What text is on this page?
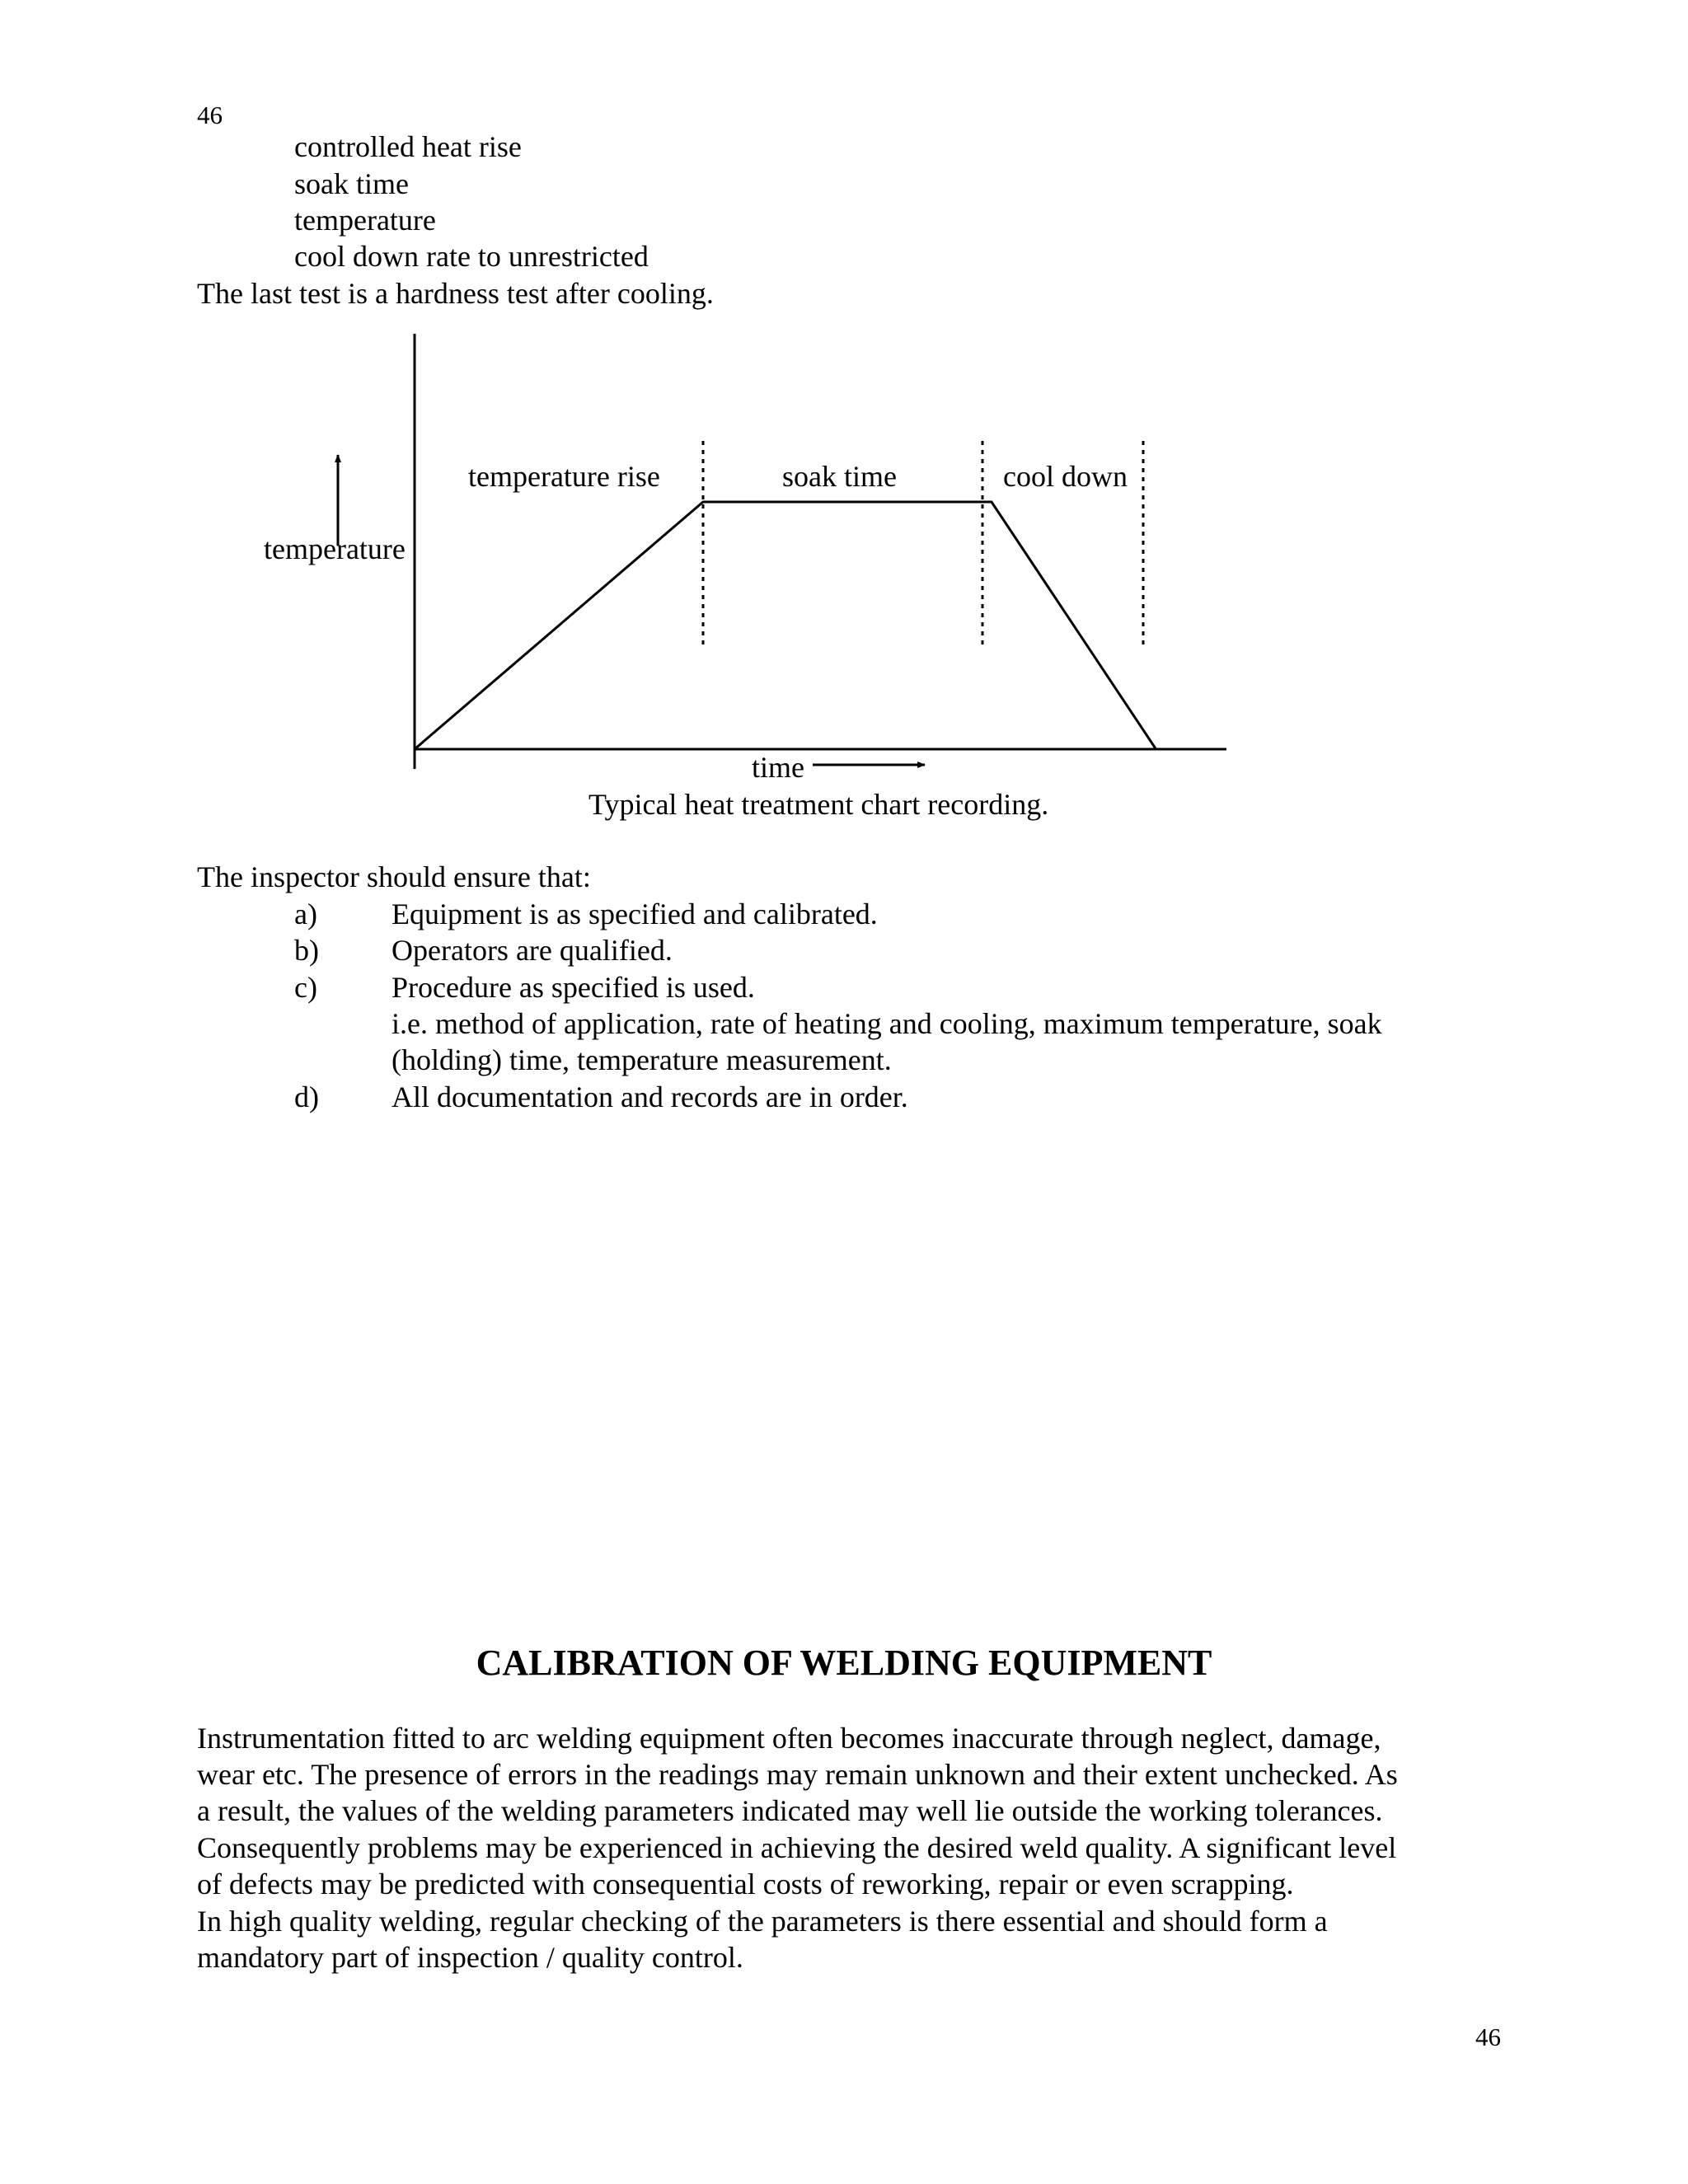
46
controlled heat rise
soak time
temperature
cool down rate to unrestricted
The last test is a hardness test after cooling.
temperature rise	soak time	cool down
temperature
time
Typical heat treatment chart recording.
The inspector should ensure that:
a)	Equipment is as specified and calibrated.
b) Operators are qualified.
c)	Procedure as specified is used.
i.e. method of application, rate of heating and cooling, maximum temperature, soak
(holding) time, temperature measurement.
d) All documentation and records are in order.
CALIBRATION OF WELDING EQUIPMENT
Instrumentation fitted to arc welding equipment often becomes inaccurate through neglect, damage,
wear etc. The presence of errors in the readings may remain unknown and their extent unchecked. As
a result, the values of the welding parameters indicated may well lie outside the working tolerances.
Consequently problems may be experienced in achieving the desired weld quality. A significant level
of defects may be predicted with consequential costs of reworking, repair or even scrapping.
In high quality welding, regular checking of the parameters is there essential and should form a
mandatory part of inspection / quality control.
46
